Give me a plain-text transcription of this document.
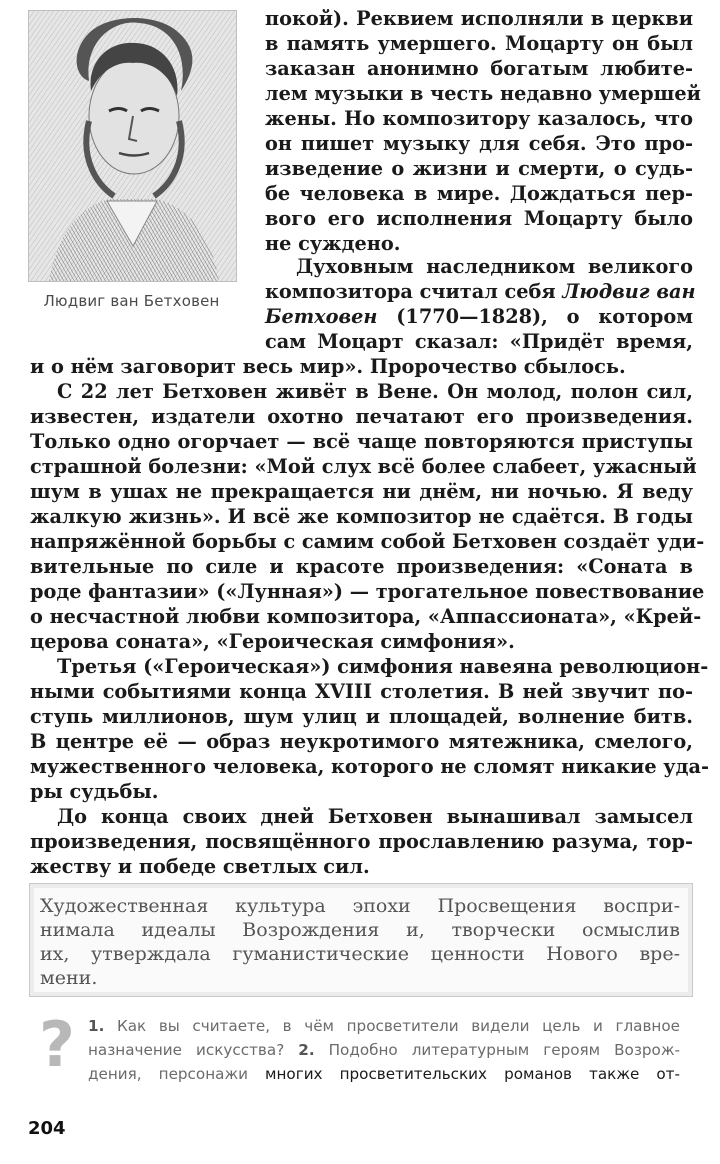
Людвиг ван Бетховен
покой). Реквием исполняли в церкви
в память умершего. Моцарту он был
заказан анонимно богатым любите-
лем музыки в честь недавно умершей
жены. Но композитору казалось, что
он пишет музыку для себя. Это про-
изведение о жизни и смерти, о судь-
бе человека в мире. Дождаться пер-
вого его исполнения Моцарту было
не суждено.
Духовным наследником великого
композитора считал себя Людвиг ван
Бетховен (1770—1828), о котором
сам Моцарт сказал: «Придёт время,
и о нём заговорит весь мир». Пророчество сбылось.
С 22 лет Бетховен живёт в Вене. Он молод, полон сил,
известен, издатели охотно печатают его произведения.
Только одно огорчает — всё чаще повторяются приступы
страшной болезни: «Мой слух всё более слабеет, ужасный
шум в ушах не прекращается ни днём, ни ночью. Я веду
жалкую жизнь». И всё же композитор не сдаётся. В годы
напряжённой борьбы с самим собой Бетховен создаёт уди-
вительные по силе и красоте произведения: «Соната в
роде фантазии» («Лунная») — трогательное повествование
о несчастной любви композитора, «Аппассионата», «Крей-
церова соната», «Героическая симфония».
Третья («Героическая») симфония навеяна революцион-
ными событиями конца XVIII столетия. В ней звучит по-
ступь миллионов, шум улиц и площадей, волнение битв.
В центре её — образ неукротимого мятежника, смелого,
мужественного человека, которого не сломят никакие уда-
ры судьбы.
До конца своих дней Бетховен вынашивал замысел
произведения, посвящённого прославлению разума, тор-
жеству и победе светлых сил.
Художественная культура эпохи Просвещения воспри-
нимала идеалы Возрождения и, творчески осмыслив
их, утверждала гуманистические ценности Нового вре-
мени.
? 1. Как вы считаете, в чём просветители видели цель и главное
назначение искусства? 2. Подобно литературным героям Возрож-
дения, персонажи многих просветительских романов также от-
204
